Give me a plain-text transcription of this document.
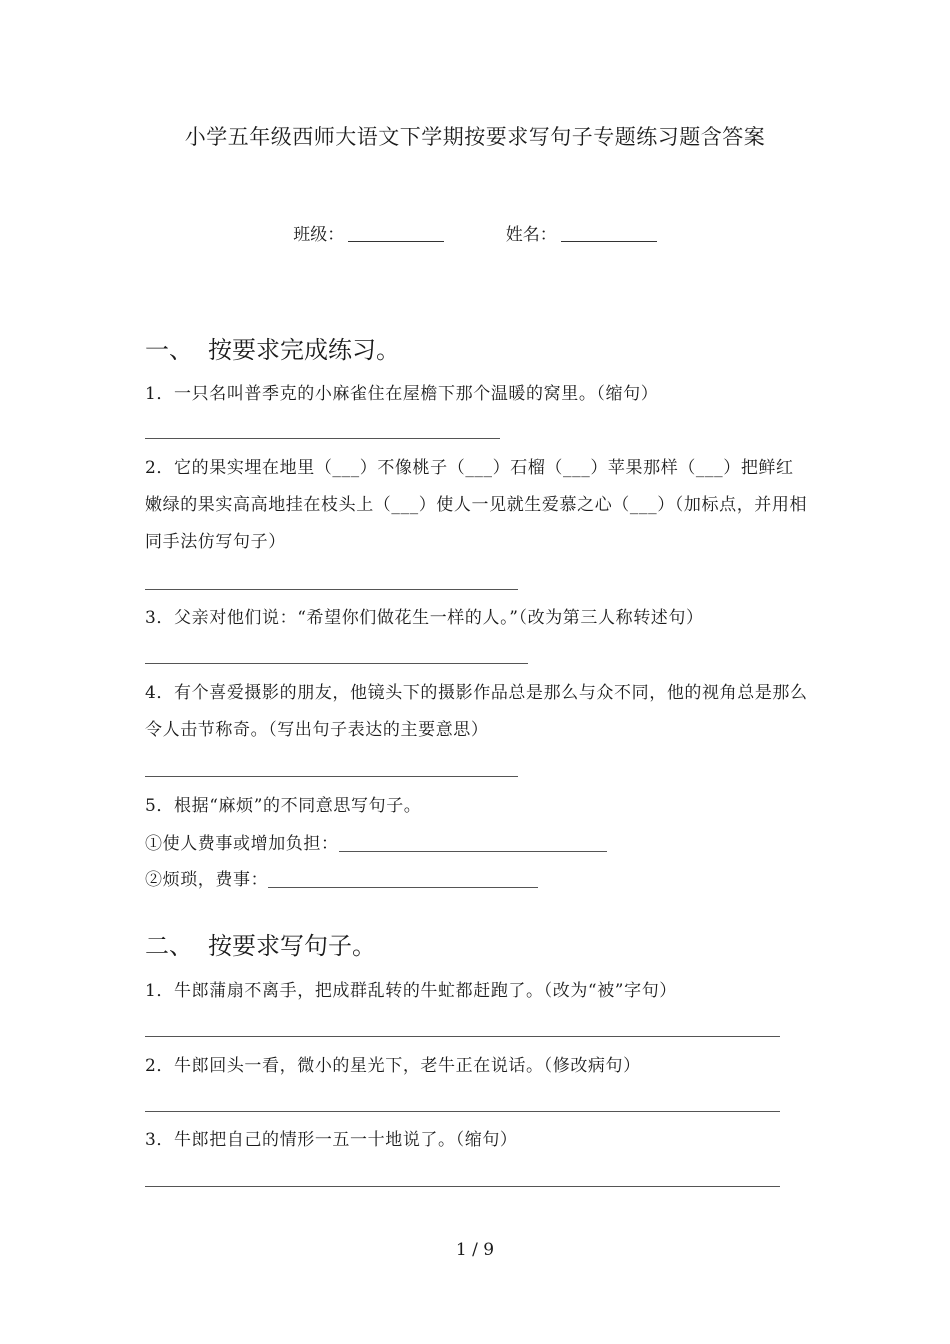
小学五年级西师大语文下学期按要求写句子专题练习题含答案
班级：	姓名：
一、 按要求完成练习。
1．一只名叫普季克的小麻雀住在屋檐下那个温暖的窝里。（缩句）
2．它的果实埋在地里（___）不像桃子（___）石榴（___）苹果那样（___）把鲜红嫩绿的果实高高地挂在枝头上（___）使人一见就生爱慕之心（___）（加标点，并用相同手法仿写句子）
3．父亲对他们说：“希望你们做花生一样的人。”（改为第三人称转述句）
4．有个喜爱摄影的朋友，他镜头下的摄影作品总是那么与众不同，他的视角总是那么令人击节称奇。（写出句子表达的主要意思）
5．根据“麻烦”的不同意思写句子。
①使人费事或增加负担：
②烦琐，费事：
二、 按要求写句子。
1．牛郎蒲扇不离手，把成群乱转的牛虻都赶跑了。（改为“被”字句）
2．牛郎回头一看，微小的星光下，老牛正在说话。（修改病句）
3．牛郎把自己的情形一五一十地说了。（缩句）
1 / 9
